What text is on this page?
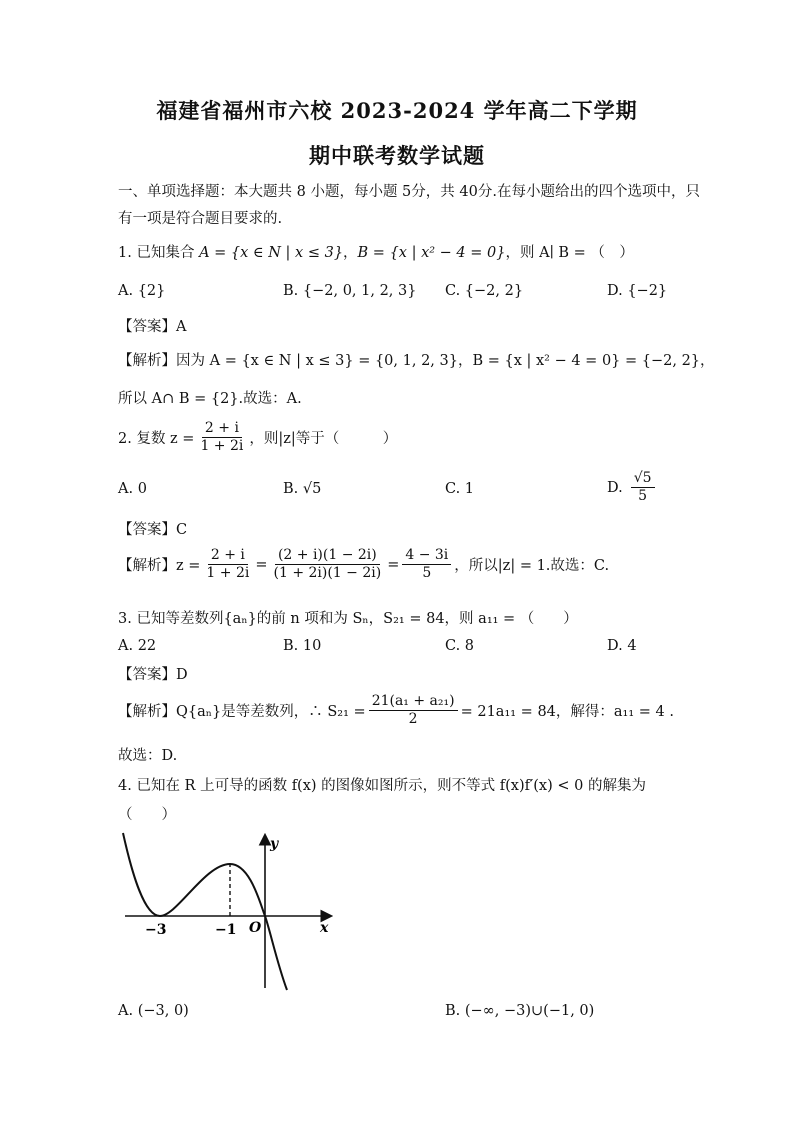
福建省福州市六校 2023-2024 学年高二下学期
期中联考数学试题
一、单项选择题：本大题共 8 小题，每小题 5分，共 40分.在每小题给出的四个选项中，只
有一项是符合题目要求的.
1. 已知集合 A = {x ∈ N | x ≤ 3}，B = {x | x² − 4 = 0}，则 A∣ B = （　）
A. {2}	B. {−2, 0, 1, 2, 3} C. {−2, 2}	D. {−2}
【答案】A
【解析】因为 A = {x ∈ N | x ≤ 3} = {0, 1, 2, 3}，B = {x | x² − 4 = 0} = {−2, 2}，
所以 A∩ B = {2}.故选：A.
2. 复数 $z = \frac{2 + i}{1 + 2i}$ ，则|z|等于（　　　）
A. 0	B. √5	C. 1	D. $\frac{√5}{5}$
【答案】C
【解析】$z = \frac{2 + i}{1 + 2i} = \frac{(2 + i)(1 - 2i)}{(1 + 2i)(1 - 2i)} = \frac{4 - 3i}{5}$ ，所以|z| = 1.故选：C.
3. 已知等差数列{aₙ}的前 n 项和为 Sₙ，S₂₁ = 84，则 a₁₁ = （　　）
A. 22	B. 10	C. 8	D. 4
【答案】D
【解析】Q{aₙ}是等差数列，∴ $S_{21} = \frac{\text{21(a₁ + a₂₁)}}{2} = 21a_{11} = 84$，解得：a₁₁ = 4 .
故选：D.
4. 已知在 R 上可导的函数 f(x) 的图像如图所示，则不等式 f(x)f′(x) < 0 的解集为
（　　）
y
x
O
−3	−1
A. (−3, 0)	B. (−∞, −3)∪(−1, 0)
